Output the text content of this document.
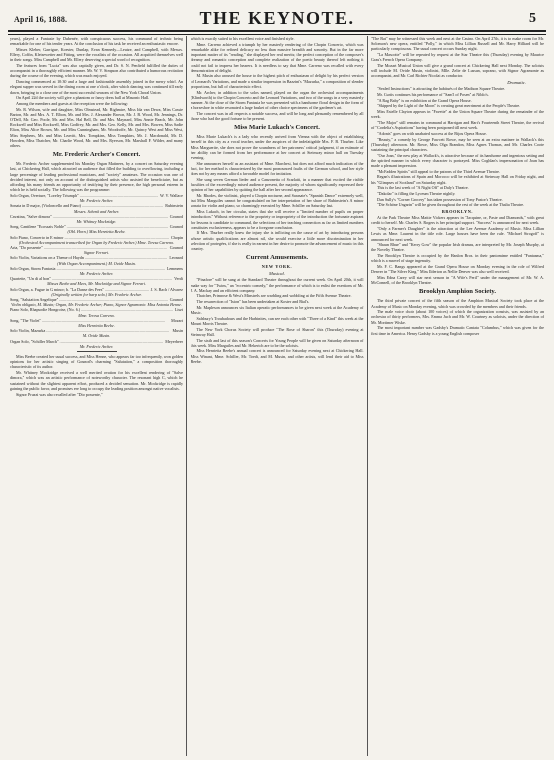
April 16, 1888.	THE KEYNOTE.	5

years), played a Fantasie by Dubenée, with conspicuous success, his command of technic being remarkable for one of his tender years. At the conclusion of his task he received an enthusiastic encore.

Misses Kleber, Garrigue, Koester, Dunlap, Evan Kennedy—Leutze, and Campbell, with Messrs. Ellery, Coffin, Kleisewetter and Fitting, were the vocalists of the occasion. All acquitted themselves well in their songs. Miss Campbell and Mr. Ellery deserving a special word of recognition.

The features from "Lucia" was also capitally given, and Dr. S. N. Penfield fulfilled the duties of accompanist in a thoroughly efficient manner. Mr. W. V. Simpson also contributed a humorous recitation during the course of the evening, which was much enjoyed.

Dancing commenced at 10:30 and a large and fashionable assembly joined in the merry whirl. An elegant supper was served in the dining room at one o'clock, after which dancing was continued till early dawn, bringing to a close one of the most successful seasons of the New York Choral Union.

On April 22d the society will give a phantom or fancy dress ball at Masonic Hall.

Among the members and guests at the reception were the following:

Mr. R. Wilson, wife and daughter, Miss Olmstead, Mr. Righmire, Miss Ida van Dewa, Miss Cassie Barton, Mr. and Mrs. A. T. Elbon, Mr. and Mrs. J. Alexander Brown, Mr. J. B. Wood, Mr. Jennings, Dr. O'Dell, Mr. Geo. Poole, Mr. and Mrs. Hal Bell, Dr. and Mrs. Maynard, Miss Annie Beach, Mr. John Rockwell and Miss Rockwell, Miss Godfrey, Mr. and Mrs. Geo. Kelly, Mr. and Mrs. Bowen, Miss Sadie Elton, Miss Alice Brown, Mr. and Miss Cunningham, Mr. Woodroffe, Mr. Quincy West and Miss West, Miss Stephens, Mr. and Miss Leavitt, Mrs. Tompkins, Miss Tompkins, Mr. J. Macdonald, Mr. D. Howden, Miss Thatcher, Mr. Charlie Wood, Mr. and Mrs. Ryerson, Mr. Marshall F. Wilder, and many others.

Mr. Frederic Archer's Concert.

Mr. Frederic Archer supplemented his Monday Organ Matinees, by a concert on Saturday evening last, at Chickering Hall, which attracted an audience that filled the building to overflowing, including a large percentage of leading professional musicians, and "society" amateurs. The occasion was one of decided interest, not only on account of the distinguished artists who assisted the beneficiaire, but as affording his many friends an opportunity of testifying by their presence, the high personal esteem in which he is held socially. The following was the programme:

Solo Organ, Overture, "Loreley Triumph" .....	W. V. Wallace
Mr. Frederic Archer.
Sonata in D major, (Violoncello and Piano) .....	Rubinstein
Messrs. Schenk and Archer.
Cavatina, "Salve dimora" .....	Gounod
Mr. Whitney Mockridge.
Song, Cantilene "Ecossais Noble" .....	Gounod
(Obl. Horn.) Miss Henrietta Beebe.
Solo Piano, Concerto in E minor .....	Chopin
(Orchestral Accompaniment transcribed for Organ by Frederic Archer.) Mme. Teresa Carreno.
Aria, "Do possente" .....	Gounod
Signor Ferrari.
Solo Violin, Variations on a Theme of Haydn .....	Leonard
(With Organ Accompaniment.) M. Ovide Musin.
Solo Organ, Storm Fantasia .....	Lemmens
Mr. Frederic Archer.
Quartette, "Un di al bon" .....	Verdi
Misses Beebe and Mees, Mr. Mockridge and Signor Ferrari.
Solo Organ, a. Fugue in G minor; b. "La Danse des Fees" .....	J. S. Bach / Alvarez
(Originally written for harp solo.) Mr. Frederic Archer.
Song, "Salutation Angelique" .....	Gounod
Violin obligato, M. Musin; Organ, Mr. Frederic Archer; Piano, Signor Agramonte. Miss Antonia Henne.
Piano Solo, Rhapsodie Hongroise, (No. 6.) .....	Liszt
Mme. Teresa Carreno.
Song, "The Violet" .....	Mozart
Miss Henrietta Beebe.
Solo Violin, Mazurka .....	Musin
M. Ovide Musin.
Organ Solo, "Schiller March" .....	Meyerbeer
Mr. Frederic Archer.

Miss Beebe created her usual success, and Miss Henne, who appears far too infrequently, won golden opinions for her artistic singing of Gounod's charming "Salutation," a composition thoroughly characteristic of its author.

Mr. Whitney Mockridge received a well merited ovation for his excellent rendering of "Salve dimora," which was an artistic performance of noteworthy character. The resonant high C, which he sustained without the slightest apparent effort, produced a decided sensation. Mr. Mockridge is rapidly gaining the public favor, and promises ere long to occupy the leading position amongst native vocalists.

Signor Pruzzi was also recalled after "Dio possente,"

which is exactly suited to his excellent voice and finished style.

Mme. Carreno achieved a triumph by her masterly rendering of the Chopin Concerto, which was remarkable alike for refined delicacy no less than massive breadth and sonority. But in the far more important matter of its "reading," she displayed her real merits; the perfect conception of the composer's dreamy and romantic conception and complete realization of the poetic beauty thereof left nothing it could not fail to impress her hearers. It is needless to say that Mme. Carreno was recalled with every demonstration of delight.

M. Musin also aroused the house to the highest pitch of enthusiasm of delight by his perfect version of Leonard's Variations, and made a similar impression in Bazzini's "Mazurka," a composition of slender proportions, but full of characteristic effect.

Mr. Archer, in addition to the solos named, played on the organ the orchestral accompaniments (Klindworth) to the Chopin Concerto and the Leonard Variations, and two of the songs in a very masterly manner. At the close of the Storm Fantasia he was presented with a handsome floral design in the form of a horseshoe in white resonated a large basket of other choice specimens of the gardener's art.

The concert was in all respects a notable success, and will be long and pleasantly remembered by all those who had the good fortune to be present.

Miss Marie Lukach's Concert.

Miss Marie Lukach's is a lady who recently arrived from Vienna with the object of establishing herself in this city as a vocal teacher, under the auspices of the indefatigable Mrs. F. B. Thurber. Like Miss Marguerite, she does not prove the soundness of her patroness' critical judgment, if an estimate of her ability can be formed from her performance at her concert at Steinway minor hall on Tuesday evening.

She announces herself as an assistant of Mme. Marchesi, but does not afford much indication of the fact, for her method is characterized by the most pronounced faults of the German school, and her style does not by any means afford a favorable model for imitation.

She sang seven German lieder and a Canzonetta of Scarlatti, in a manner that excited the risible faculties of the exceedingly mixed audience present, the majority of whom significantly expressed their opinion of her capabilities by quitting the hall after her second appearance.

Mr. Rhodes, the violinist, played a Chopin nocturne, and Sarasate's "Spanish Dance" extremely well, but Miss Marguiles cannot be congratulated on her interpretation of her share of Rubinstein's A minor sonata for violin and piano, so charmingly executed by Mme. Schiller on Saturday last.

Miss Lukach, in her circular, states that she will receive a "limited number of pupils on proper introduction." Without reference to the propriety or impropriety of the introduction the fortunate aspirant for lessons is candidate to command, the selections of her teaching connection as far as limited numbers constitutes exclusiveness, appears to be a foregone conclusion.

If Mrs. Thurber really knew the injury she is inflicting on the cause of art by introducing persons whose artistic qualifications are almost nil, she would exercise a little more discrimination in her selection of protegées, if she is really in earnest in her desire to promote the advancement of music in this country.

Current Amusements.
NEW YORK.
Musical.

"Pinafore" will be sung at the Standard Theatre throughout the current week. On April 20th, it will make way for "Twins," an "eccentric comedy," the performance of which is to enlist the exertions of Mr. J. A. Mackay and an efficient company.

Thatcher, Primrose & West's Minstrels are warbling and wobbling at the Fifth Avenue Theatre.

The resurrection of "Ixion" has been undertaken at Koster and Bial's.

Mr. Mapleson announces six Italian operatic performances to be given next week at the Academy of Music.

Salsbury's Troubadours and the Harbinites, can see each other with "Three of a Kind" this week at the Mount Morris Theatre.

The New York Chorus Society will produce "The Rose of Sharon" this (Thursday) evening at Steinway Hall.

The sixth and last of this season's Concerts for Young People will be given on Saturday afternoon of this week. Miss Marguiles and Mr. Hekerich are to be the soloists.

Miss Henrietta Beebe's annual concert is announced for Saturday evening next at Chickering Hall. Miss Winant, Mme. Schiller, Mr. Toedt, and M. Musin, and other artists, will lend their aid to Miss Beebe.

"The Bat" may be witnessed this week and next at the Casino. On April 27th, it is to make room for Mr. Solomon's new opera, entitled "Polly," in which Miss Lillian Russell and Mr. Harry Hilliard will be particularly conspicuous. The usual concert occurs Sunday night.

"La Mascotte" will be repeated by request at the Star Theatre this (Thursday) evening by Maurice Grau's French Opera Company.

The Mozart Musical Union will give a grand concert at Chickering Hall next Monday. The soloists will include M. Ovide Musin, violinist, Mlle. Zelie de Lussan, soprano, with Signor Agramonte as accompanist, and Mr. Carl Richter Nicolai as conductor.

Dramatic.

"Sealed Instructions" is attracting the habitués of the Madison Square Theatre.

Mr. Curtis continues his performance of "Sam'l of Posen" at Niblo's.

"A Rag Baby" is on exhibition at the Grand Opera House.

"Skipped by the Light of the Moon" is creating great merriment at the People's Theatre.

Miss Estelle Clayton appears in "Favette" at the Union Square Theatre during the remainder of the week.

"The Major" still remains in command at Harrigan and Hart's Fourteenth Street Theatre, the revival of "Cordelia's Aspirations" having been postponed till next week.

"Adonis" goes on with unabated success at the Bijou Opera House.

"Beauty," a comedy by George Fawcett Rowe, may be seen at an extra matinee in Wallack's this (Thursday) afternoon. Mr. Rowe, Miss Olga Brandon, Miss Agnes Thomas, and Mr. Charles Coote sustaining the principal characters.

"Our Joan," the new play at Wallack's, is attractive because of its handsome and ingenious setting and the spirited manner in which every character is portrayed. Miss Coghlan's impersonation of Joan has made a pleasant impression.

"McFadden Spirits" still appeal to the patrons of the Third Avenue Theatre.

Regan's illustrations of Spain and Morocco will be exhibited at Steinway Hall on Friday night, and his "Glimpses of Scotland" on Saturday night.

This is the last week of "A Night Off" at Daly's Theatre.

"Dakolar" is filling the Lyceum Theatre nightly.

Dan Sully's "Corner Grocery" has taken possession of Tony Pastor's Theatre.

"Die Schöne Ungarin" will be given throughout the rest of the week at the Thalia Theatre.

BROOKLYN.

At the Park Theatre Miss Mattie Vickers appears in "Jacquine, or, Paste and Diamonds," with great credit to herself. Mr. Charles S. Rogers is her principal support. "Success" is announced for next week.

"Only a Farmer's Daughter" is the attraction at the Lee Avenue Academy of Music. Miss Lillian Lewis as Mme. Laurent in the title role. Large houses have been the rule. "Michael Strogoff" is announced for next week.

"Shaun Rhue" and "Kerry Gow" the popular Irish dramas, are interpreted by Mr. Joseph Murphy, at the Novelty Theatre.

The Brooklyn Theatre is occupied by the Hanlon Bros. in their pantomime entitled "Fantasma," which is a marvel of stage ingenuity.

Mr. F. C. Bangs appeared at the Grand Opera House on Monday evening in the role of Wilfred Denver in "The Silver King." Miss Ilderton as Nellie Denver was also well received.

Miss Edna Carey will star next season in "A Wife's Peril" under the management of Mr. W. A. McConnell, of the Brooklyn Theatre.

Brooklyn Amphion Society.

The third private concert of the fifth season of the Amphion Musical Society took place at the Academy of Music on Monday evening, which was crowded by the members and their friends.

The male voice choir (about 100 voices) of which the organization consists, was assisted by an orchestra of thirty performers, Mrs. Emma Juch and Mr. W. Courtney as soloists, under the direction of Mr. Mortimer Wiske.

The most important number was Gadsby's Dramatic Cantata "Columbus," which was given for the first time in America. Henry Gadsby is a young English composer
